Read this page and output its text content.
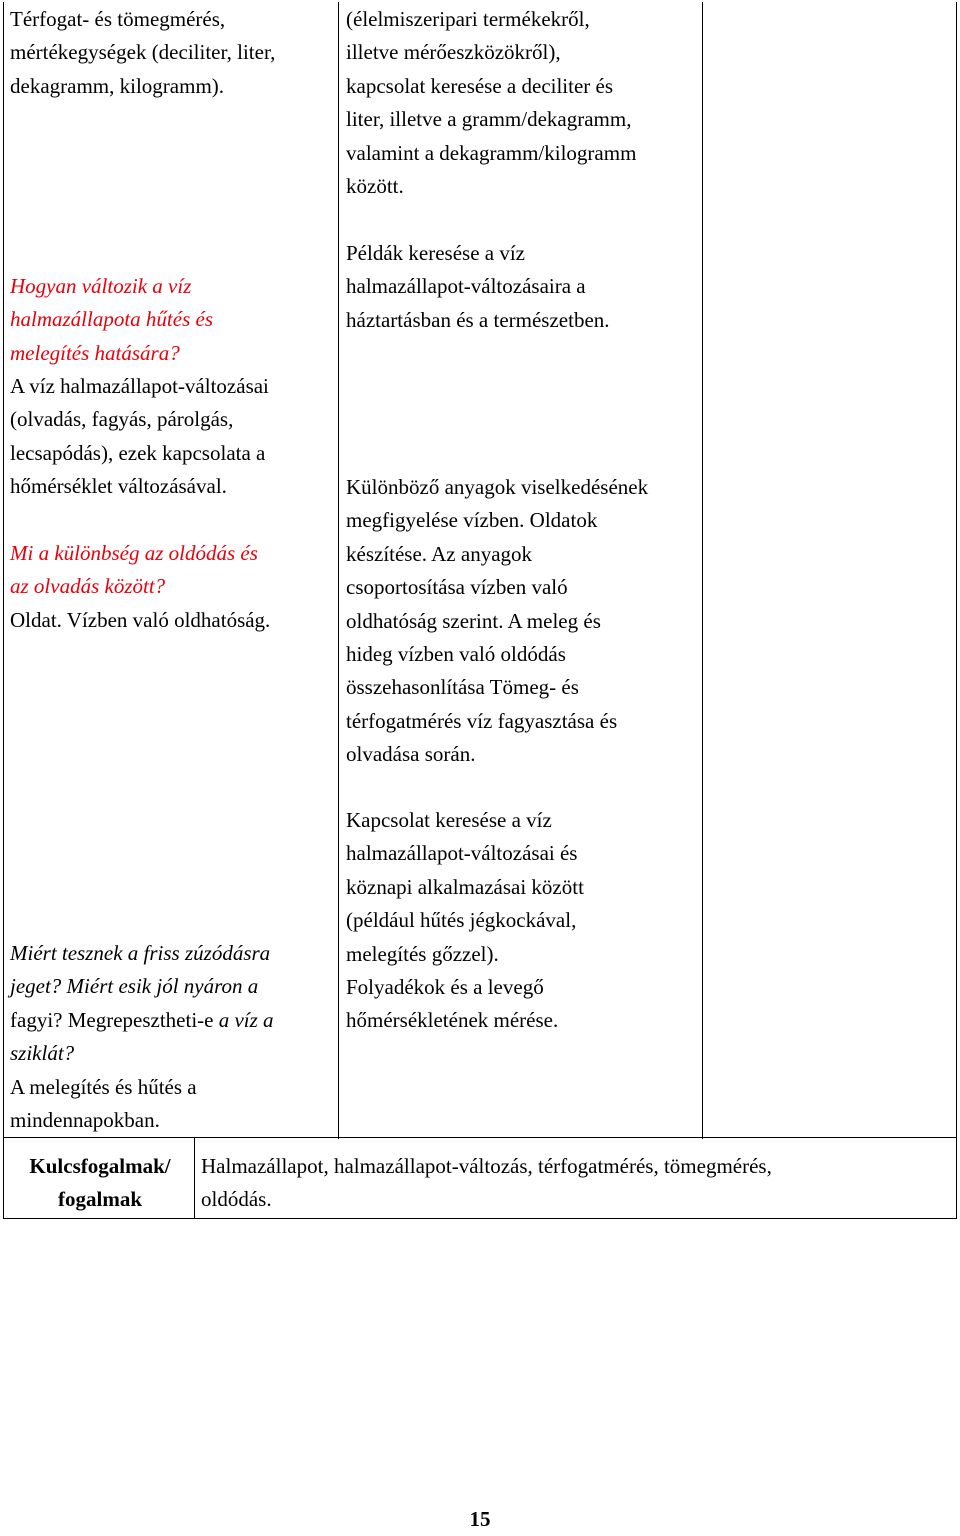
Térfogat- és tömegmérés,
mértékegységek (deciliter, liter,
dekagramm, kilogramm).
Hogyan változik a víz
halmazállapota hűtés és
melegítés hatására?
A víz halmazállapot-változásai
(olvadás, fagyás, párolgás,
lecsapódás), ezek kapcsolata a
hőmérséklet változásával.
Mi a különbség az oldódás és
az olvadás között?
Oldat. Vízben való oldhatóság.
Miért tesznek a friss zúzódásra
jeget? Miért esik jól nyáron a
fagyi? Megrepesztheti-e a víz a
sziklát?
A melegítés és hűtés a
mindennapokban.
(élelmiszeripari termékekről,
illetve mérőeszközökről),
kapcsolat keresése a deciliter és
liter, illetve a gramm/dekagramm,
valamint a dekagramm/kilogramm
között.
Példák keresése a víz
halmazállapot-változásaira a
háztartásban és a természetben.
Különböző anyagok viselkedésének
megfigyelése vízben. Oldatok
készítése. Az anyagok
csoportosítása vízben való
oldhatóság szerint. A meleg és
hideg vízben való oldódás
összehasonlítása Tömeg- és
térfogatmérés víz fagyasztása és
olvadása során.
Kapcsolat keresése a víz
halmazállapot-változásai és
köznapi alkalmazásai között
(például hűtés jégkockával,
melegítés gőzzel).
Folyadékok és a levegő
hőmérsékletének mérése.
Kulcsfogalmak/
fogalmak
Halmazállapot, halmazállapot-változás, térfogatmérés, tömegmérés,
oldódás.
15
